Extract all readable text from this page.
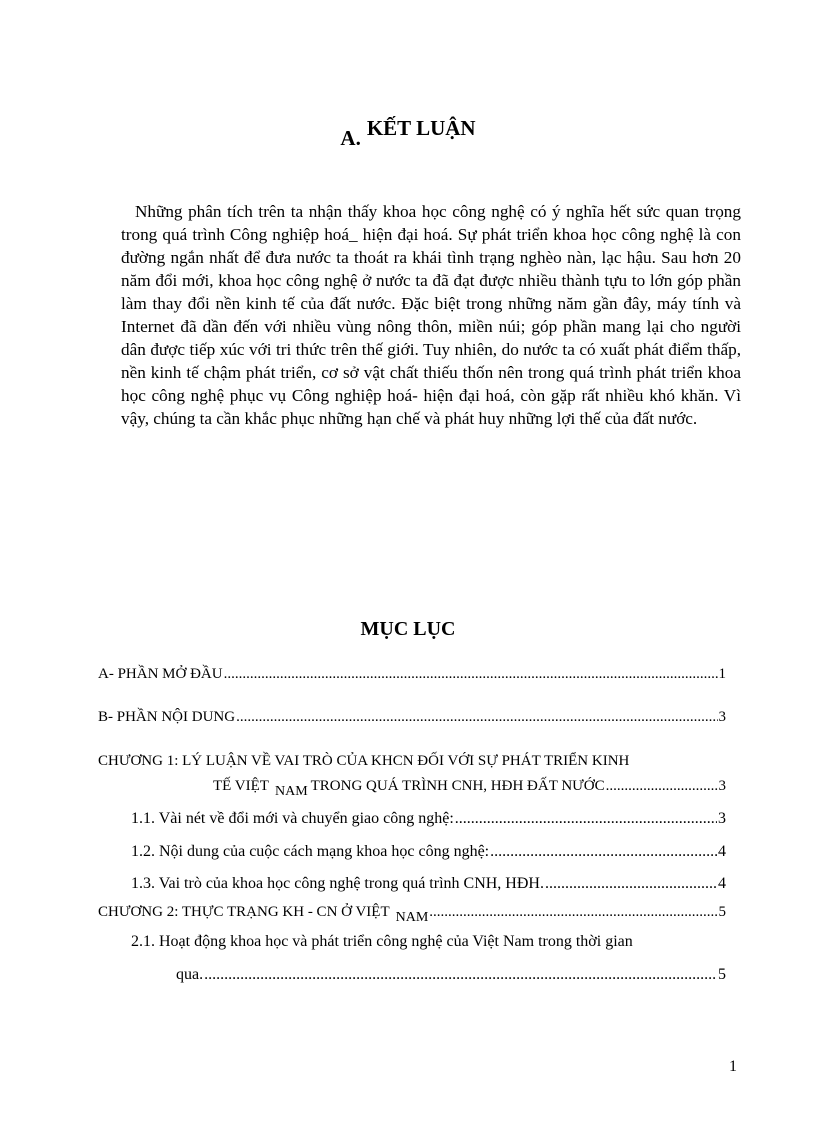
A. KẾT LUẬN

Những phân tích trên ta nhận thấy khoa học công nghệ có ý nghĩa hết sức quan trọng trong quá trình Công nghiệp hoá_ hiện đại hoá. Sự phát triển khoa học công nghệ là con đường ngắn nhất để đưa nước ta thoát ra khái tình trạng nghèo nàn, lạc hậu. Sau hơn 20 năm đổi mới, khoa học công nghệ ở nước ta đã đạt được nhiều thành tựu to lớn góp phần làm thay đổi nền kinh tế của đất nước. Đặc biệt trong những năm gần đây, máy tính và Internet đã dần đến với nhiều vùng nông thôn, miền núi; góp phần mang lại cho người dân được tiếp xúc với tri thức trên thế giới. Tuy nhiên, do nước ta có xuất phát điểm thấp, nền kinh tế chậm phát triển, cơ sở vật chất thiếu thốn nên trong quá trình phát triển khoa học công nghệ phục vụ Công nghiệp hoá- hiện đại hoá, còn gặp rất nhiều khó khăn. Vì vậy, chúng ta cần khắc phục những hạn chế và phát huy những lợi thế của đất nước.

MỤC LỤC
A- PHẦN MỞ ĐẦU .....	1
B- PHẦN NỘI DUNG .....	3
CHƯƠNG 1: LÝ LUẬN VỀ VAI TRÒ CỦA KHCN ĐỐI VỚI SỰ PHÁT TRIỂN KINH
TẾ VIỆT NAM TRONG QUÁ TRÌNH CNH, HĐH ĐẤT NƯỚC .....	3
1.1. Vài nét về đổi mới và chuyển giao công nghệ: .....	3
1.2. Nội dung của cuộc cách mạng khoa học công nghệ: .....	4
1.3. Vai trò của khoa học công nghệ trong quá trình CNH, HĐH. .....	4
CHƯƠNG 2: THỰC TRẠNG KH - CN Ở VIỆT NAM .....	5
2.1. Hoạt động khoa học và phát triển công nghệ của Việt Nam trong thời gian
qua. .....	5
1
